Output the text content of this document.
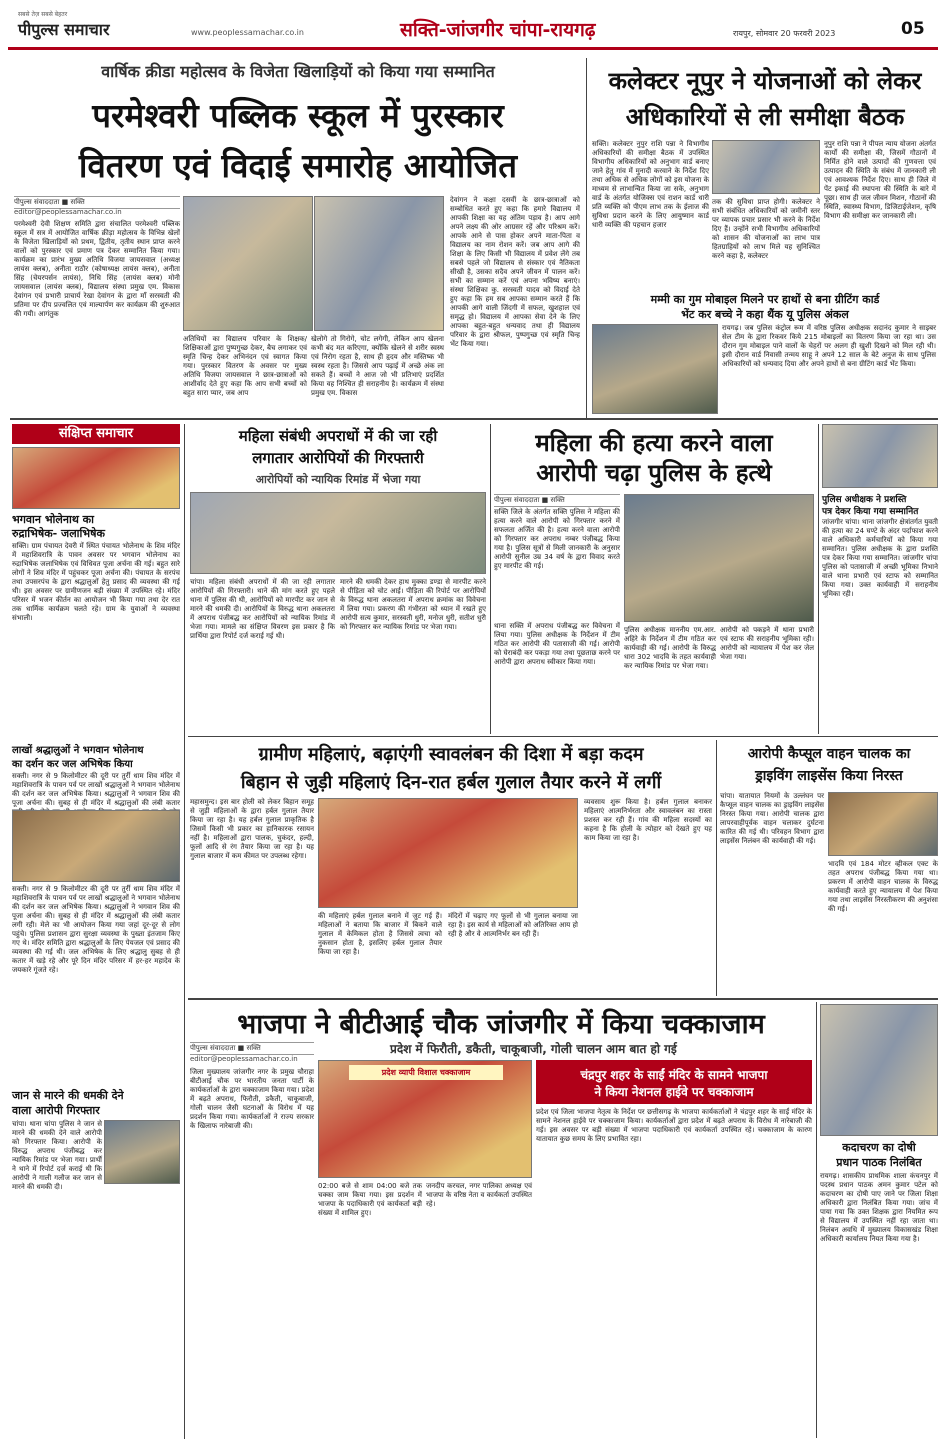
सबसे तेज़ सबसे बेहतर
पीपुल्स समाचार	www.peoplessamachar.co.in	सक्ति-जांजगीर चांपा-रायगढ़	रायपुर, सोमवार 20 फरवरी 2023	05
वार्षिक क्रीडा महोत्सव के विजेता खिलाड़ियों को किया गया सम्मानित
परमेश्वरी पब्लिक स्कूल में पुरस्कार
वितरण एवं विदाई समारोह आयोजित
पीपुल्स संवाददाता ■ सक्ति
editor@peoplessamachar.co.in
परमेश्वरी देवी शिक्षण समिति द्वारा संचालित परमेश्वरी पब्लिक स्कूल में सत्र में आयोजित वार्षिक क्रीड़ा महोत्सव के विभिन्न खेलों के विजेता खिलाड़ियों को प्रथम, द्वितीय, तृतीय स्थान प्राप्त करने वालों को पुरस्कार एवं प्रमाण पत्र देकर सम्मानित किया गया। कार्यक्रम का प्रारंभ मुख्य अतिथि विजया जायसवाल (अध्यक्ष लायंस क्लब), अनीता राठौर (कोषाध्यक्ष लायंस क्लब), अनीता सिंह (चेयरपर्सन लायंस), निधि सिंह (लायंस क्लब) मोनी जायसवाल (लायंस क्लब), विद्यालय संस्था प्रमुख एम. विकास देवांगन एवं प्रभारी प्राचार्य रेखा देवांगन के द्वारा माँ सरस्वती की प्रतिमा पर दीप प्रज्वलित एवं माल्यार्पण कर कार्यक्रम की शुरुआत की गयी। आगंतुक
अतिथियों का विद्यालय परिवार के शिक्षक/शिक्षिकाओं द्वारा पुष्पगुच्छ देकर, बैच लगाकर एवं स्मृति चिन्ह देकर अभिनंदन एवं स्वागत किया गया। पुरस्कार वितरण के अवसर पर मुख्य अतिथि विजया जायसवाल ने छात्र-छात्राओं को आशीर्वाद देते हुए कहा कि आप सभी बच्चों को बहुत सारा प्यार, जब आप
खेलोगे तो गिरोगे, चोट लगेगी, लेकिन आप खेलना कभी बंद मत करिएगा, क्योंकि खेलने से शरीर स्वस्थ एवं निरोग रहता है, साथ ही हृदय और मस्तिष्क भी स्वस्थ रहता है। जिससे आप पढ़ाई में अच्छे अंक ला सकते हैं। बच्चों ने आज जो भी प्रतिभाएं प्रदर्शित किया वह निश्चित ही सराहनीय है। कार्यक्रम में संस्था प्रमुख एम. विकास
देवांगन ने कक्षा दसवीं के छात्र-छात्राओं को सम्बोधित करते हुए कहा कि हमारे विद्यालय में आपकी शिक्षा का यह अंतिम पड़ाव है। आप आगे अपने लक्ष्य की ओर आग्रसर रहें और परिश्रम करें। आपके आने से पास होकर अपने माता-पिता व विद्यालय का नाम रोशन करें। जब आप आगे की शिक्षा के लिए किसी भी विद्यालय में प्रवेश लेंगे तब सबसे पहले जो विद्यालय से संस्कार एवं नैतिकता सीखी है, उसका सदैव अपने जीवन में पालन करें। सभी का सम्मान करें एवं अपना भविष्य बनाएं। संस्था शिक्षिका कु. सरस्वती यादव को विदाई देते हुए कहा कि हम सब आपका सम्मान करते हैं कि आपकी आगे वाली जिंदगी में सफल, खुशहाल एवं समृद्ध हो। विद्यालय में आपका सेवा देने के लिए आपका बहुत-बहुत धन्यवाद तथा ही विद्यालय परिवार के द्वारा श्रीफल, पुष्पगुच्छ एवं स्मृति चिन्ह भेंट किया गया।
कलेक्टर नूपुर ने योजनाओं को लेकर
अधिकारियों से ली समीक्षा बैठक
सक्ति। कलेक्टर नुपुर राशि पन्ना ने विभागीय अधिकारियों की समीक्षा बैठक में उपस्थित विभागीय अधिकारियों को अनुभाग वार्ड बनाए जाने हेतु गांव में मुनादी करवाने के निर्देश दिए तथा अधिक से अधिक लोगों को इस योजना के माध्यम से लाभान्वित किया जा सके, अनुभाग वार्ड के अंतर्गत योजिक्स एवं राशन कार्ड धारी प्रति व्यक्ति को पीएम लाभ तक के ईलाज की सुविधा प्रदान करने के लिए आयुष्मान कार्ड धारी व्यक्ति की पहचान हजार
तक की सुविधा प्राप्त होगी। कलेक्टर ने सभी संबंधित अधिकारियों को जमीनी स्तर पर व्यापक प्रचार प्रसार भी करने के निर्देश दिए हैं। उन्होंने सभी विभागीय अधिकारियों को शासन की योजनाओं का लाभ पात्र हितग्राहियों को लाभ मिले यह सुनिश्चित करने कहा है, कलेक्टर
नूपुर राशि पन्ना ने पीपल न्याय योजना अंतर्गत कार्यों की समीक्षा की, जिसमें गौठानों में निर्मित होने वाले उत्पादों की गुणवत्ता एवं उत्पादन की स्थिति के संबंध में जानकारी ली एवं आवश्यक निर्देश दिए। साथ ही जिले में पेंट इकाई की स्थापना की स्थिति के बारे में पूछा। साथ ही जल जीवन मिशन, गौठानों की स्थिति, स्वास्थ्य विभाग, डिजिटाईजेशन, कृषि विभाग की समीक्षा कर जानकारी ली।
मम्मी का गुम मोबाइल मिलने पर हाथों से बना ग्रीटिंग कार्ड
भेंट कर बच्चे ने कहा थैंक यू पुलिस अंकल
रायगढ़। जब पुलिस कंट्रोल रूम में वरिष्ठ पुलिस अधीक्षक सदानंद कुमार ने साइबर सेल टीम के द्वारा रिकवर किये 215 मोबाइलों का वितरण किया जा रहा था। उस दौरान गुम मोबाइल पाने वालों के चेहरों पर अलग ही खुशी दिखने को मिल रही थी। इसी दौरान वार्ड निवासी तन्मय साहू ने अपने 12 साल के बेटे अनुज के साथ पुलिस अधिकारियों को धन्यवाद दिया और अपने हाथों से बना ग्रीटिंग कार्ड भेंट किया।
संक्षिप्त समाचार
भगवान भोलेनाथ का
रुद्राभिषेक- जलाभिषेक
सक्ति। ग्राम पंचायत देवरी में स्थित पंचायत भोलेनाथ के शिव मंदिर में महाशिवरात्रि के पावन अवसर पर भगवान भोलेनाथ का रुद्राभिषेक जलाभिषेक एवं विधिवत पूजा अर्चना की गई। बहुत सारे लोगों ने शिव मंदिर में पहुंचकर पूजा अर्चना की। पंचायत के सरपंच तथा उपसरपंच के द्वारा श्रद्धालुओं हेतु प्रसाद की व्यवस्था की गई थी। इस अवसर पर ग्रामीणजन बड़ी संख्या में उपस्थित रहे। मंदिर परिसर में भजन कीर्तन का आयोजन भी किया गया तथा देर रात तक धार्मिक कार्यक्रम चलते रहे। ग्राम के युवाओं ने व्यवस्था संभाली।
लाखों श्रद्धालुओं ने भगवान भोलेनाथ
का दर्शन कर जल अभिषेक किया
सक्ती। नगर से 9 किलोमीटर की दूरी पर तुर्री धाम शिव मंदिर में महाशिवरात्रि के पावन पर्व पर लाखों श्रद्धालुओं ने भगवान भोलेनाथ की दर्शन कर जल अभिषेक किया। श्रद्धालुओं ने भगवान शिव की पूजा अर्चना की। सुबह से ही मंदिर में श्रद्धालुओं की लंबी कतार
सक्ती। नगर से 9 किलोमीटर की दूरी पर तुर्री धाम शिव मंदिर में महाशिवरात्रि के पावन पर्व पर लाखों श्रद्धालुओं ने भगवान भोलेनाथ की दर्शन कर जल अभिषेक किया। श्रद्धालुओं ने भगवान शिव की पूजा अर्चना की। सुबह से ही मंदिर में श्रद्धालुओं की लंबी कतार लगी रही। मेले का भी आयोजन किया गया जहां दूर-दूर से लोग पहुंचे। पुलिस प्रशासन द्वारा सुरक्षा व्यवस्था के पुख्ता इंतजाम किए गए थे। मंदिर समिति द्वारा श्रद्धालुओं के लिए पेयजल एवं प्रसाद की व्यवस्था की गई थी। जल अभिषेक के लिए श्रद्धालु सुबह से ही कतार में खड़े रहे और पूरे दिन मंदिर परिसर में हर-हर महादेव के जयकारे गूंजते रहे।
जान से मारने की धमकी देने
वाला आरोपी गिरफ्तार
चांपा। थाना चांपा पुलिस ने जान से मारने की धमकी देने वाले आरोपी को गिरफ्तार किया। आरोपी के विरुद्ध अपराध पंजीबद्ध कर न्यायिक रिमांड पर भेजा गया। प्रार्थी ने थाने में रिपोर्ट दर्ज कराई थी कि आरोपी ने गाली गलौज कर जान से मारने की धमकी दी।
महिला संबंधी अपराधों में की जा रही
लगातार आरोपियों की गिरफ्तारी
आरोपियों को न्यायिक रिमांड में भेजा गया
चांपा। महिला संबंधी अपराधों में की जा रही लगातार आरोपियों की गिरफ्तारी। थाने की मांग करते हुए पहले थाना में पुलिस की थी, आरोपियों को मारपीट कर जान से मारने की धमकी दी। आरोपियों के विरुद्ध थाना अकलतरा में अपराध पंजीबद्ध कर आरोपियों को न्यायिक रिमांड में भेजा गया। मामले का संक्षिप्त विवरण इस प्रकार है कि प्रार्थिया द्वारा रिपोर्ट दर्ज कराई गई थी।
मारने की धमकी देकर हाथ मुक्का डण्डा से मारपीट करने से पीड़िता को चोट आई। पीड़िता की रिपोर्ट पर आरोपियों के विरुद्ध थाना अकलतरा में अपराध क्रमांक का विवेचना में लिया गया। प्रकरण की गंभीरता को ध्यान में रखते हुए आरोपी सत्य कुमार, सरस्वती धुरी, मनोज धुरी, सतीश धुरी को गिरफ्तार कर न्यायिक रिमांड पर भेजा गया।
महिला की हत्या करने वाला
आरोपी चढ़ा पुलिस के हत्थे
पीपुल्स संवाददाता ■ सक्ति
सक्ति जिले के अंतर्गत सक्ति पुलिस ने महिला की हत्या करने वाले आरोपी को गिरफ्तार करने में सफलता अर्जित की है। हत्या करने वाला आरोपी को गिरफ्तार कर अपराध नम्बर पंजीबद्ध किया गया है। पुलिस सूत्रों से मिली जानकारी के अनुसार आरोपी सुनील उम्र 34 वर्ष के द्वारा विवाद करते हुए मारपीट की गई।
थाना सक्ति में अपराध पंजीबद्ध कर विवेचना में लिया गया। पुलिस अधीक्षक के निर्देशन में टीम गठित कर आरोपी की पतासाजी की गई। आरोपी को घेराबंदी कर पकड़ा गया तथा पूछताछ करने पर आरोपी द्वारा अपराध स्वीकार किया गया।
पुलिस अधीक्षक माननीय एम.आर. अहिरे के निर्देशन में टीम गठित कर कार्यवाही की गई। आरोपी के विरुद्ध धारा 302 भादवि के तहत कार्यवाही कर न्यायिक रिमांड पर भेजा गया।
आरोपी को पकड़ने में थाना प्रभारी एवं स्टाफ की सराहनीय भूमिका रही। आरोपी को न्यायालय में पेश कर जेल भेजा गया।
पुलिस अधीक्षक ने प्रशस्ति
पत्र देकर किया गया सम्मानित
जांजगीर चांपा। थाना जांजगीर क्षेत्रांतर्गत युवती की हत्या का 24 घण्टे के अंदर पर्दाफाश करने वाले अधिकारी कर्मचारियों को किया गया सम्मानित। पुलिस अधीक्षक के द्वारा प्रशस्ति पत्र देकर किया गया सम्मानित। जांजगीर चांपा पुलिस को पतासाजी में अच्छी भूमिका निभाने वाले थाना प्रभारी एवं स्टाफ को सम्मानित किया गया। उक्त कार्यवाही में सराहनीय भूमिका रही।
ग्रामीण महिलाएं, बढ़ाएंगी स्वावलंबन की दिशा में बड़ा कदम
बिहान से जुड़ी महिलाएं दिन-रात हर्बल गुलाल तैयार करने में लगीं
महासमुन्द। इस बार होली को लेकर बिहान समूह से जुड़ी महिलाओं के द्वारा हर्बल गुलाल तैयार किया जा रहा है। यह हर्बल गुलाल प्राकृतिक है जिसमें किसी भी प्रकार का हानिकारक रसायन नहीं है। महिलाओं द्वारा पालक, चुकंदर, हल्दी, फूलों आदि से रंग तैयार किया जा रहा है। यह गुलाल बाजार में कम कीमत पर उपलब्ध रहेगा।
की महिलाएं हर्बल गुलाल बनाने में जुट गई हैं। महिलाओं ने बताया कि बाजार में बिकने वाले गुलाल में केमिकल होता है जिससे त्वचा को नुकसान होता है, इसलिए हर्बल गुलाल तैयार किया जा रहा है।
मंदिरों में चढ़ाए गए फूलों से भी गुलाल बनाया जा रहा है। इस कार्य से महिलाओं को अतिरिक्त आय हो रही है और वे आत्मनिर्भर बन रही हैं।
व्यवसाय शुरू किया है। हर्बल गुलाल बनाकर महिलाएं आत्मनिर्भरता और स्वावलंबन का रास्ता प्रशस्त कर रही हैं। गांव की महिला सदस्यों का कहना है कि होली के त्योहार को देखते हुए यह काम किया जा रहा है।
आरोपी कैप्सूल वाहन चालक का
ड्राइविंग लाइसेंस किया निरस्त
चांपा। यातायात नियमों के उल्लंघन पर कैप्सूल वाहन चालक का ड्राइविंग लाइसेंस निरस्त किया गया। आरोपी चालक द्वारा लापरवाहीपूर्वक वाहन चलाकर दुर्घटना कारित की गई थी। परिवहन विभाग द्वारा लाइसेंस निलंबन की कार्यवाही की गई।
भादवि एवं 184 मोटर व्हीकल एक्ट के तहत अपराध पंजीबद्ध किया गया था। प्रकरण में आरोपी वाहन चालक के विरुद्ध कार्यवाही करते हुए न्यायालय में पेश किया गया तथा लाइसेंस निरस्तीकरण की अनुशंसा की गई।
भाजपा ने बीटीआई चौक जांजगीर में किया चक्काजाम
प्रदेश में फिरौती, डकैती, चाकूबाजी, गोली चालन आम बात हो गई
पीपुल्स संवाददाता ■ सक्ति
editor@peoplessamachar.co.in
जिला मुख्यालय जांजगीर नगर के प्रमुख चौराहा बीटीआई चौक पर भारतीय जनता पार्टी के कार्यकर्ताओं के द्वारा चक्काजाम किया गया। प्रदेश में बढ़ते अपराध, फिरौती, डकैती, चाकूबाजी, गोली चालन जैसी घटनाओं के विरोध में यह प्रदर्शन किया गया। कार्यकर्ताओं ने राज्य सरकार के खिलाफ नारेबाजी की।
प्रदेश व्यापी विशाल चक्काजाम
02:00 बजे से शाम 04:00 बजे तक चक्का जाम किया गया। इस प्रदर्शन में भाजपा के पदाधिकारी एवं कार्यकर्ता बड़ी संख्या में शामिल हुए।
जनदीप करचल, नगर पालिका अध्यक्ष एवं भाजपा के वरिष्ठ नेता व कार्यकर्ता उपस्थित रहे।
चंद्रपुर शहर के साईं मंदिर के सामने भाजपा
ने किया नेशनल हाईवे पर चक्काजाम
प्रदेश एवं जिला भाजपा नेतृत्व के निर्देश पर छत्तीसगढ़ के भाजपा कार्यकर्ताओं ने चंद्रपुर शहर के साईं मंदिर के सामने नेशनल हाईवे पर चक्काजाम किया। कार्यकर्ताओं द्वारा प्रदेश में बढ़ते अपराध के विरोध में नारेबाजी की गई। इस अवसर पर बड़ी संख्या में भाजपा पदाधिकारी एवं कार्यकर्ता उपस्थित रहे। चक्काजाम के कारण यातायात कुछ समय के लिए प्रभावित रहा।
कदाचरण का दोषी
प्रधान पाठक निलंबित
रायगढ़। शासकीय प्राथमिक शाला कंचनपुर में पदस्थ प्रधान पाठक अमन कुमार पटेल को कदाचरण का दोषी पाए जाने पर जिला शिक्षा अधिकारी द्वारा निलंबित किया गया। जांच में पाया गया कि उक्त शिक्षक द्वारा नियमित रूप से विद्यालय में उपस्थित नहीं रहा जाता था। निलंबन अवधि में मुख्यालय विकासखंड शिक्षा अधिकारी कार्यालय नियत किया गया है।
